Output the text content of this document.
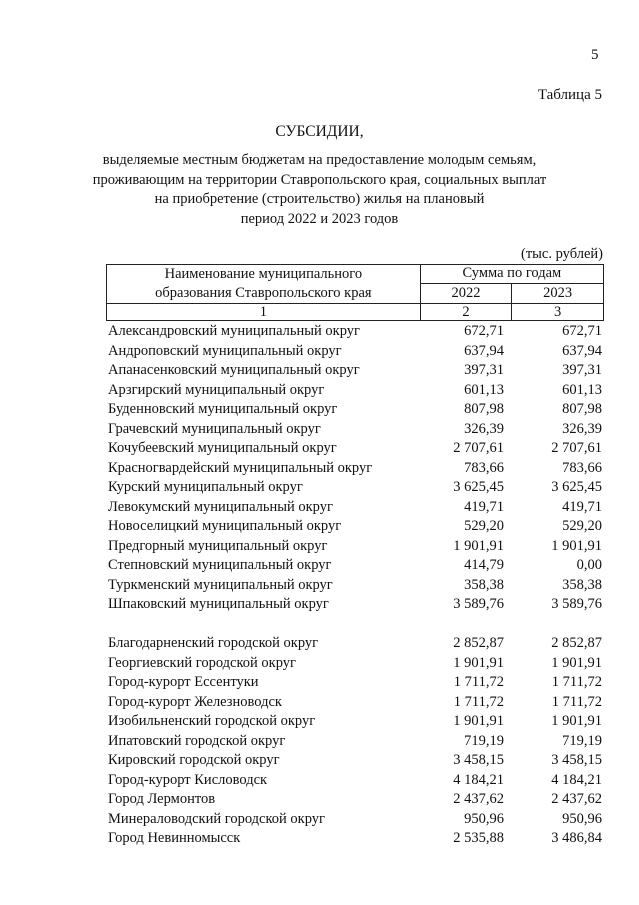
5
Таблица 5
СУБСИДИИ,
выделяемые местным бюджетам на предоставление молодым семьям,
проживающим на территории Ставропольского края, социальных выплат
на приобретение (строительство) жилья на плановый
период 2022 и 2023 годов
(тыс. рублей)
Наименование муниципального
образования Ставропольского края	Сумма по годам	
	2022	2023
1	2	3
Александровский муниципальный округ	672,71	672,71
Андроповский муниципальный округ	637,94	637,94
Апанасенковский муниципальный округ	397,31	397,31
Арзгирский муниципальный округ	601,13	601,13
Буденновский муниципальный округ	807,98	807,98
Грачевский муниципальный округ	326,39	326,39
Кочубеевский муниципальный округ	2 707,61	2 707,61
Красногвардейский муниципальный округ	783,66	783,66
Курский муниципальный округ	3 625,45	3 625,45
Левокумский муниципальный округ	419,71	419,71
Новоселицкий муниципальный округ	529,20	529,20
Предгорный муниципальный округ	1 901,91	1 901,91
Степновский муниципальный округ	414,79	0,00
Туркменский муниципальный округ	358,38	358,38
Шпаковский муниципальный округ	3 589,76	3 589,76
Благодарненский городской округ	2 852,87	2 852,87
Георгиевский городской округ	1 901,91	1 901,91
Город-курорт Ессентуки	1 711,72	1 711,72
Город-курорт Железноводск	1 711,72	1 711,72
Изобильненский городской округ	1 901,91	1 901,91
Ипатовский городской округ	719,19	719,19
Кировский городской округ	3 458,15	3 458,15
Город-курорт Кисловодск	4 184,21	4 184,21
Город Лермонтов	2 437,62	2 437,62
Минераловодский городской округ	950,96	950,96
Город Невинномысск	2 535,88	3 486,84
